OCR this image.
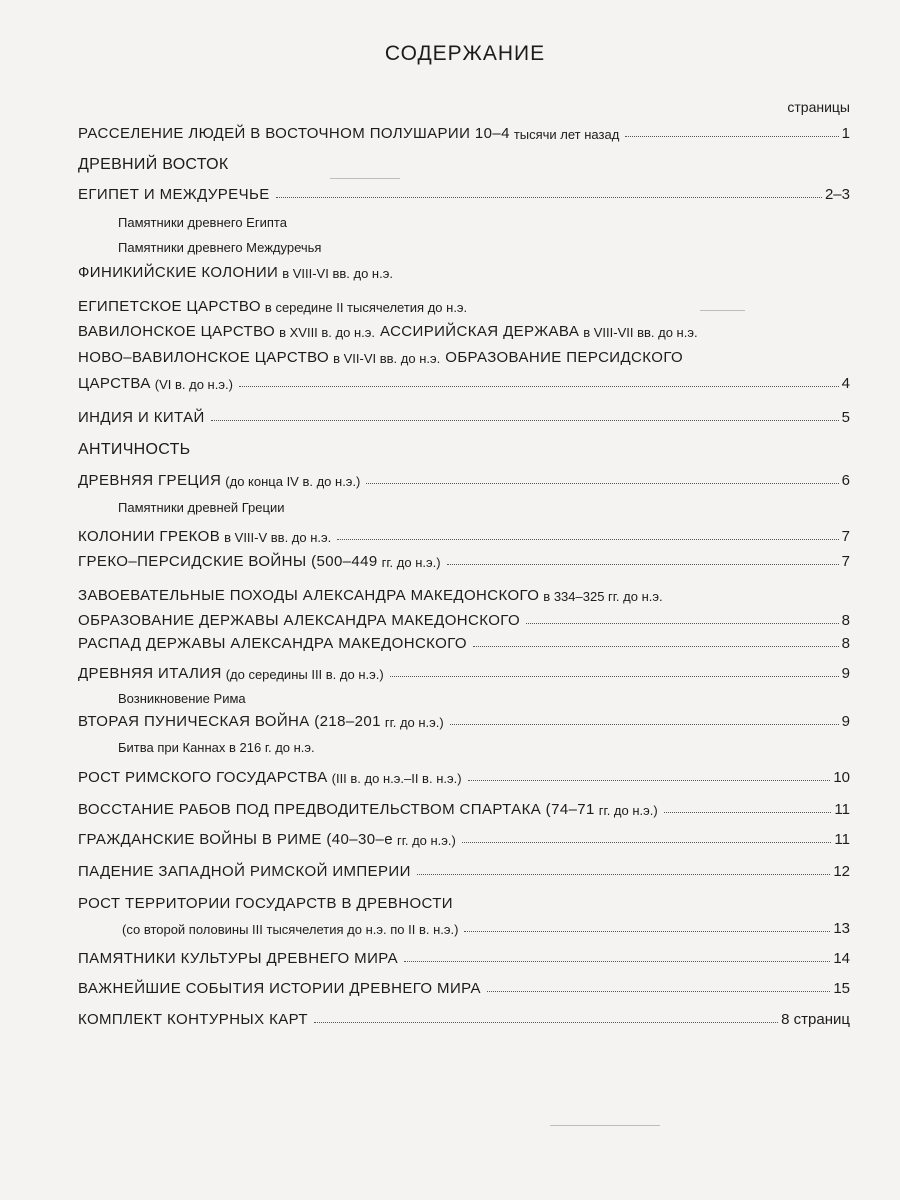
СОДЕРЖАНИЕ
страницы
РАССЕЛЕНИЕ ЛЮДЕЙ В ВОСТОЧНОМ ПОЛУШАРИИ 10–4 тысячи лет назад	1
ДРЕВНИЙ ВОСТОК
ЕГИПЕТ И МЕЖДУРЕЧЬЕ	2–3
Памятники древнего Египта
Памятники древнего Междуречья
ФИНИКИЙСКИЕ КОЛОНИИ в VIII-VI вв. до н.э.
ЕГИПЕТСКОЕ ЦАРСТВО в середине II тысячелетия до н.э.
ВАВИЛОНСКОЕ ЦАРСТВО в XVIII в. до н.э. АССИРИЙСКАЯ ДЕРЖАВА в VIII-VII вв. до н.э.
НОВО–ВАВИЛОНСКОЕ ЦАРСТВО в VII-VI вв. до н.э. ОБРАЗОВАНИЕ ПЕРСИДСКОГО
ЦАРСТВА (VI в. до н.э.)	4
ИНДИЯ И КИТАЙ	5
АНТИЧНОСТЬ
ДРЕВНЯЯ ГРЕЦИЯ (до конца IV в. до н.э.)	6
Памятники древней Греции
КОЛОНИИ ГРЕКОВ в VIII-V вв. до н.э.	7
ГРЕКО–ПЕРСИДСКИЕ ВОЙНЫ (500–449 гг. до н.э.)	7
ЗАВОЕВАТЕЛЬНЫЕ ПОХОДЫ АЛЕКСАНДРА МАКЕДОНСКОГО в 334–325 гг. до н.э.
ОБРАЗОВАНИЕ ДЕРЖАВЫ АЛЕКСАНДРА МАКЕДОНСКОГО	8
РАСПАД ДЕРЖАВЫ АЛЕКСАНДРА МАКЕДОНСКОГО	8
ДРЕВНЯЯ ИТАЛИЯ (до середины III в. до н.э.)	9
Возникновение Рима
ВТОРАЯ ПУНИЧЕСКАЯ ВОЙНА (218–201 гг. до н.э.)	9
Битва при Каннах в 216 г. до н.э.
РОСТ РИМСКОГО ГОСУДАРСТВА (III в. до н.э.–II в. н.э.)	10
ВОССТАНИЕ РАБОВ ПОД ПРЕДВОДИТЕЛЬСТВОМ СПАРТАКА (74–71 гг. до н.э.)	11
ГРАЖДАНСКИЕ ВОЙНЫ В РИМЕ (40–30–е гг. до н.э.)	11
ПАДЕНИЕ ЗАПАДНОЙ РИМСКОЙ ИМПЕРИИ	12
РОСТ ТЕРРИТОРИИ ГОСУДАРСТВ В ДРЕВНОСТИ
(со второй половины III тысячелетия до н.э. по II в. н.э.)	13
ПАМЯТНИКИ КУЛЬТУРЫ ДРЕВНЕГО МИРА	14
ВАЖНЕЙШИЕ СОБЫТИЯ ИСТОРИИ ДРЕВНЕГО МИРА	15
КОМПЛЕКТ КОНТУРНЫХ КАРТ	8 страниц
